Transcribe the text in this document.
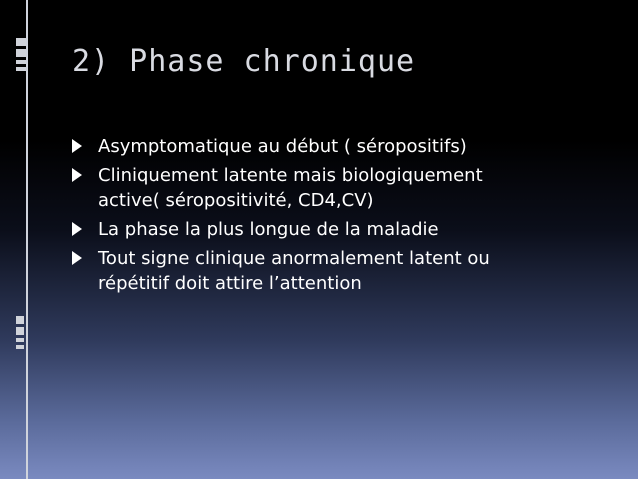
2) Phase chronique
Asymptomatique au début ( séropositifs)
Cliniquement latente mais biologiquement
active( séropositivité, CD4,CV)
La phase la plus longue de la maladie
Tout signe clinique anormalement latent ou
répétitif doit attire l’attention
